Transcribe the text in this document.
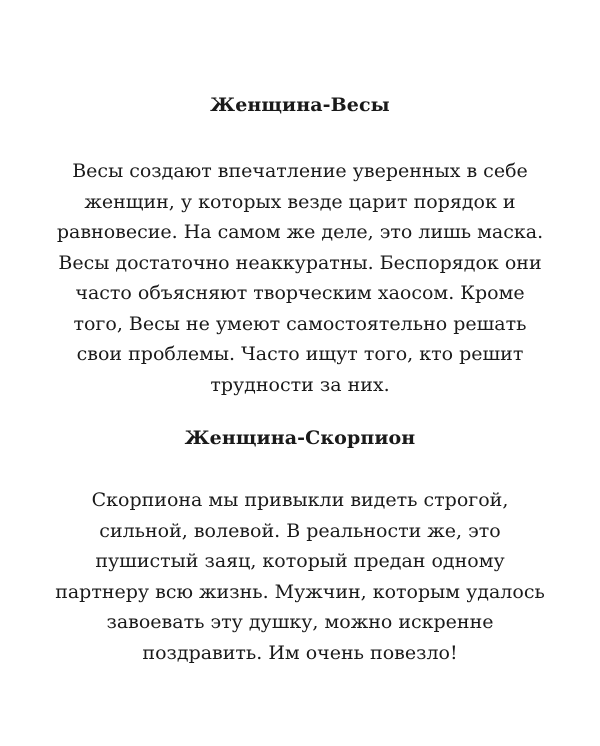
Женщина-Весы

Весы создают впечатление уверенных в себе
женщин, у которых везде царит порядок и
равновесие. На самом же деле, это лишь маска.
Весы достаточно неаккуратны. Беспорядок они
часто объясняют творческим хаосом. Кроме
того, Весы не умеют самостоятельно решать
свои проблемы. Часто ищут того, кто решит
трудности за них.

Женщина-Скорпион

Скорпиона мы привыкли видеть строгой,
сильной, волевой. В реальности же, это
пушистый заяц, который предан одному
партнеру всю жизнь. Мужчин, которым удалось
завоевать эту душку, можно искренне
поздравить. Им очень повезло!
